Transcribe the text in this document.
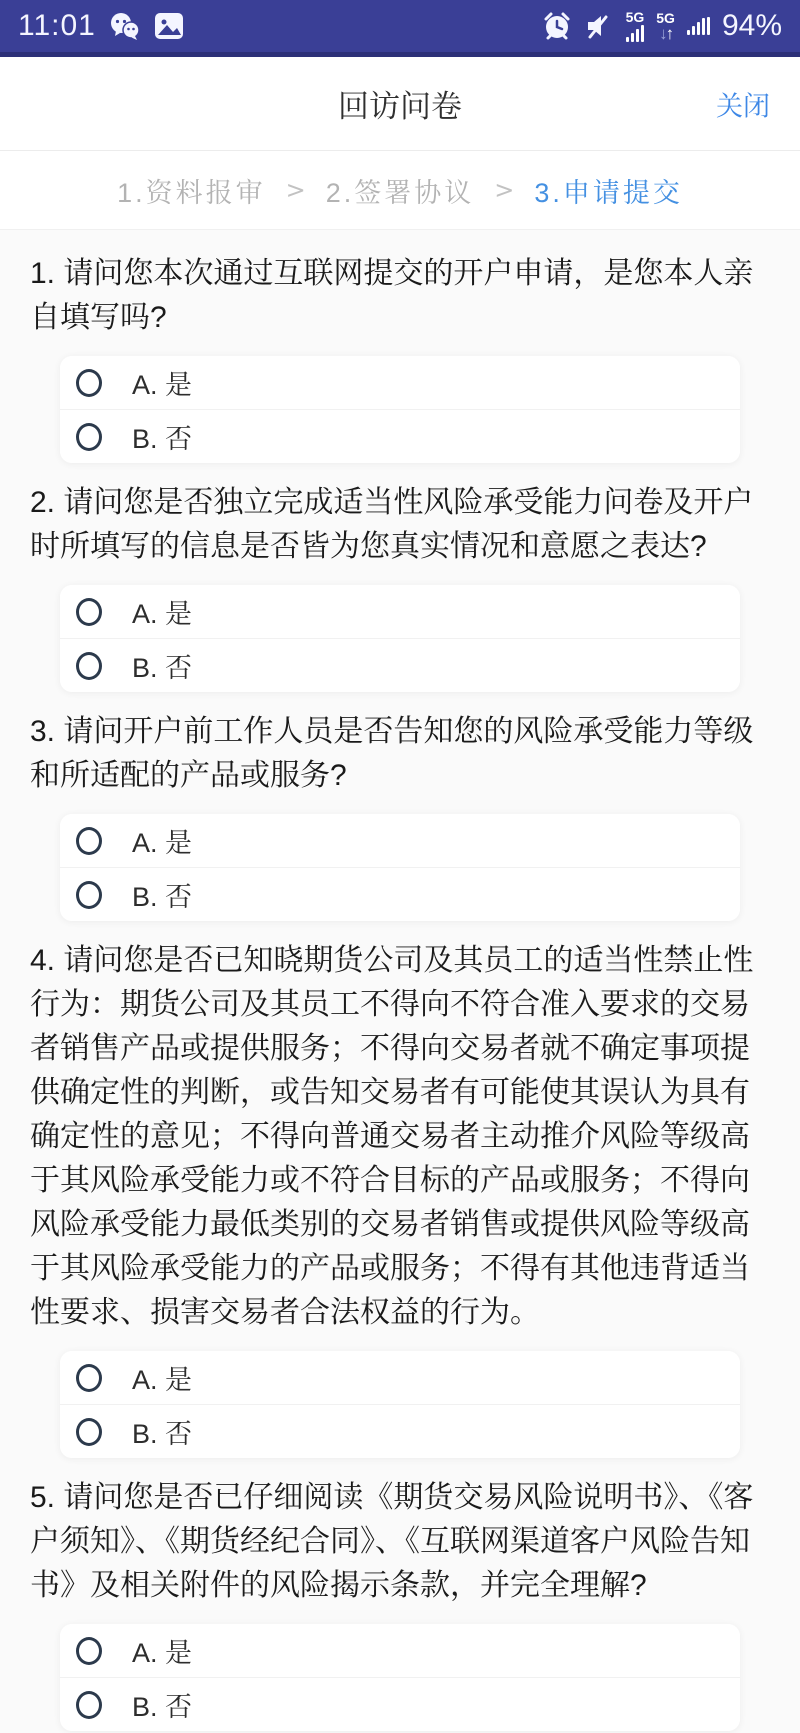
11:01	5G 5G
↓↑ 94%
回访问卷	关闭
1.资料报审 > 2.签署协议 > 3.申请提交

1. 请问您本次通过互联网提交的开户申请，是您本人亲自填写吗?

A. 是
B. 否

2. 请问您是否独立完成适当性风险承受能力问卷及开户时所填写的信息是否皆为您真实情况和意愿之表达?

A. 是
B. 否

3. 请问开户前工作人员是否告知您的风险承受能力等级和所适配的产品或服务?

A. 是
B. 否

4. 请问您是否已知晓期货公司及其员工的适当性禁止性行为：期货公司及其员工不得向不符合准入要求的交易者销售产品或提供服务；不得向交易者就不确定事项提供确定性的判断，或告知交易者有可能使其误认为具有确定性的意见；不得向普通交易者主动推介风险等级高于其风险承受能力或不符合目标的产品或服务；不得向风险承受能力最低类别的交易者销售或提供风险等级高于其风险承受能力的产品或服务；不得有其他违背适当性要求、损害交易者合法权益的行为。

A. 是
B. 否

5. 请问您是否已仔细阅读《期货交易风险说明书》、《客户须知》、《期货经纪合同》、《互联网渠道客户风险告知书》及相关附件的风险揭示条款，并完全理解?

A. 是
B. 否
